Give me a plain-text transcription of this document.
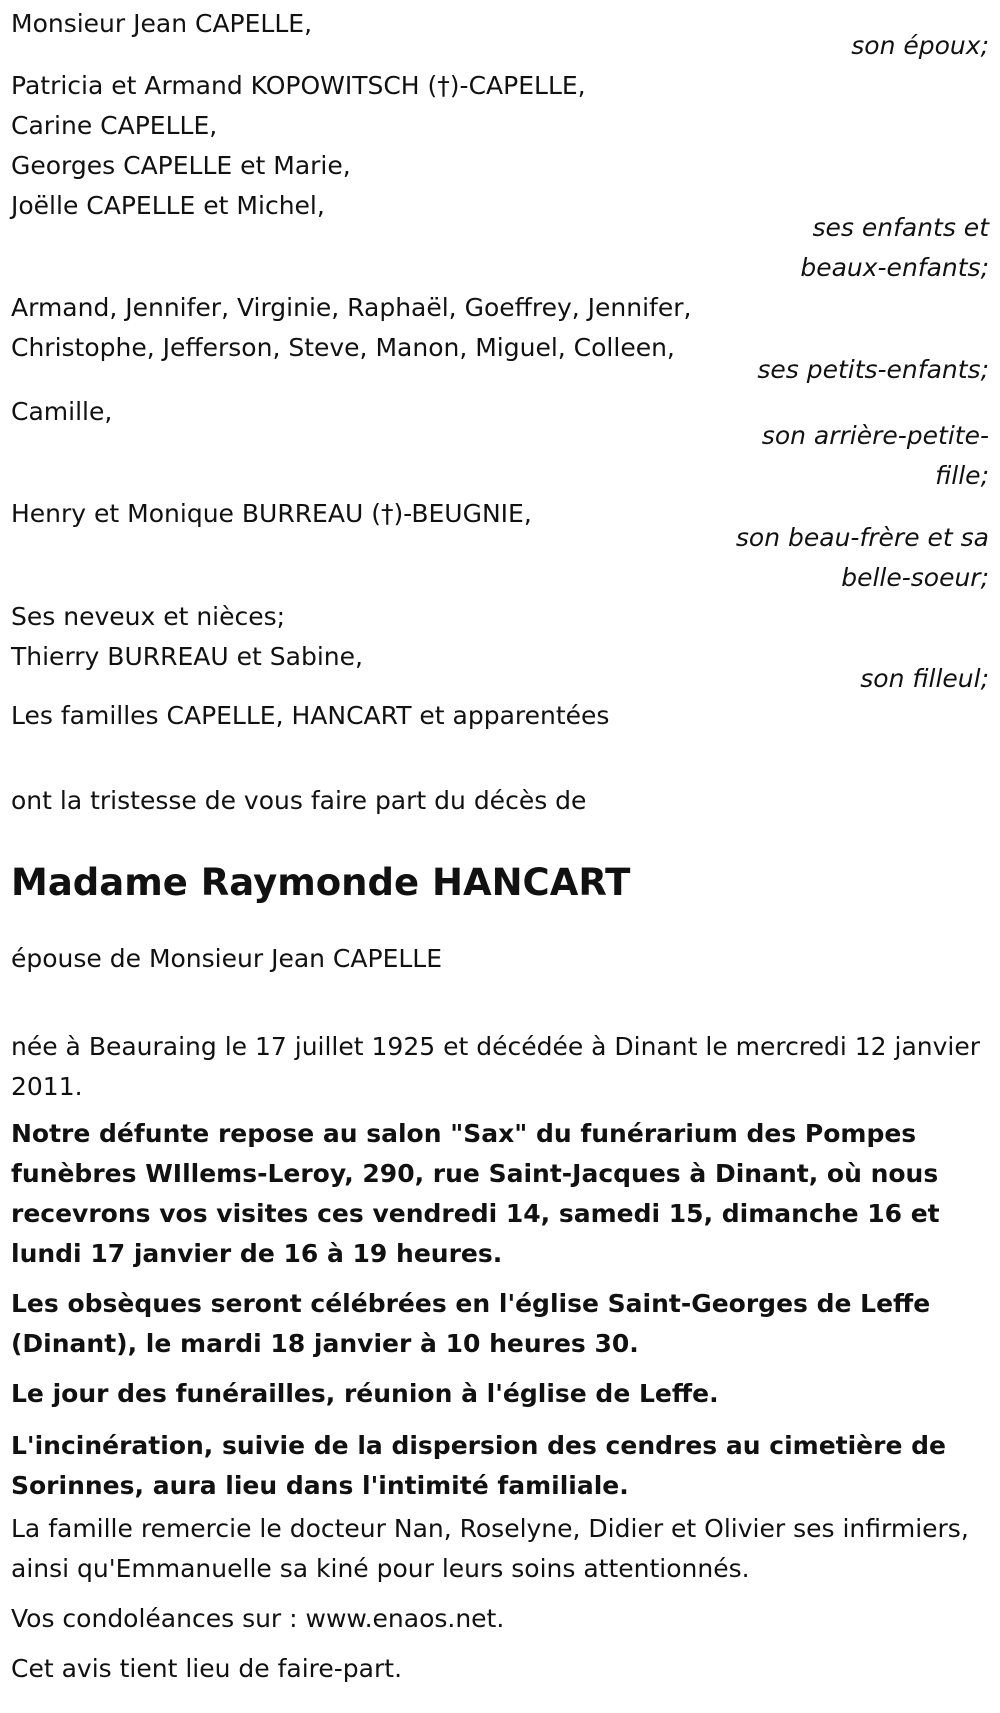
Monsieur Jean CAPELLE,
son époux;
Patricia et Armand KOPOWITSCH (†)-CAPELLE,
Carine CAPELLE,
Georges CAPELLE et Marie,
Joëlle CAPELLE et Michel,
ses enfants et beaux-enfants;
Armand, Jennifer, Virginie, Raphaël, Goeffrey, Jennifer,
Christophe, Jefferson, Steve, Manon, Miguel, Colleen,
ses petits-enfants;
Camille,
son arrière-petite-fille;
Henry et Monique BURREAU (†)-BEUGNIE,
son beau-frère et sa belle-soeur;
Ses neveux et nièces;
Thierry BURREAU et Sabine,
son filleul;
Les familles CAPELLE, HANCART et apparentées
ont la tristesse de vous faire part du décès de
Madame Raymonde HANCART
épouse de Monsieur Jean CAPELLE
née à Beauraing le 17 juillet 1925 et décédée à Dinant le mercredi 12 janvier 2011.
Notre défunte repose au salon "Sax" du funérarium des Pompes funèbres WIllems-Leroy, 290, rue Saint-Jacques à Dinant, où nous recevrons vos visites ces vendredi 14, samedi 15, dimanche 16 et lundi 17 janvier de 16 à 19 heures.
Les obsèques seront célébrées en l'église Saint-Georges de Leffe (Dinant), le mardi 18 janvier à 10 heures 30.
Le jour des funérailles, réunion à l'église de Leffe.
L'incinération, suivie de la dispersion des cendres au cimetière de Sorinnes, aura lieu dans l'intimité familiale.
La famille remercie le docteur Nan, Roselyne, Didier et Olivier ses infirmiers, ainsi qu'Emmanuelle sa kiné pour leurs soins attentionnés.
Vos condoléances sur : www.enaos.net.
Cet avis tient lieu de faire-part.
